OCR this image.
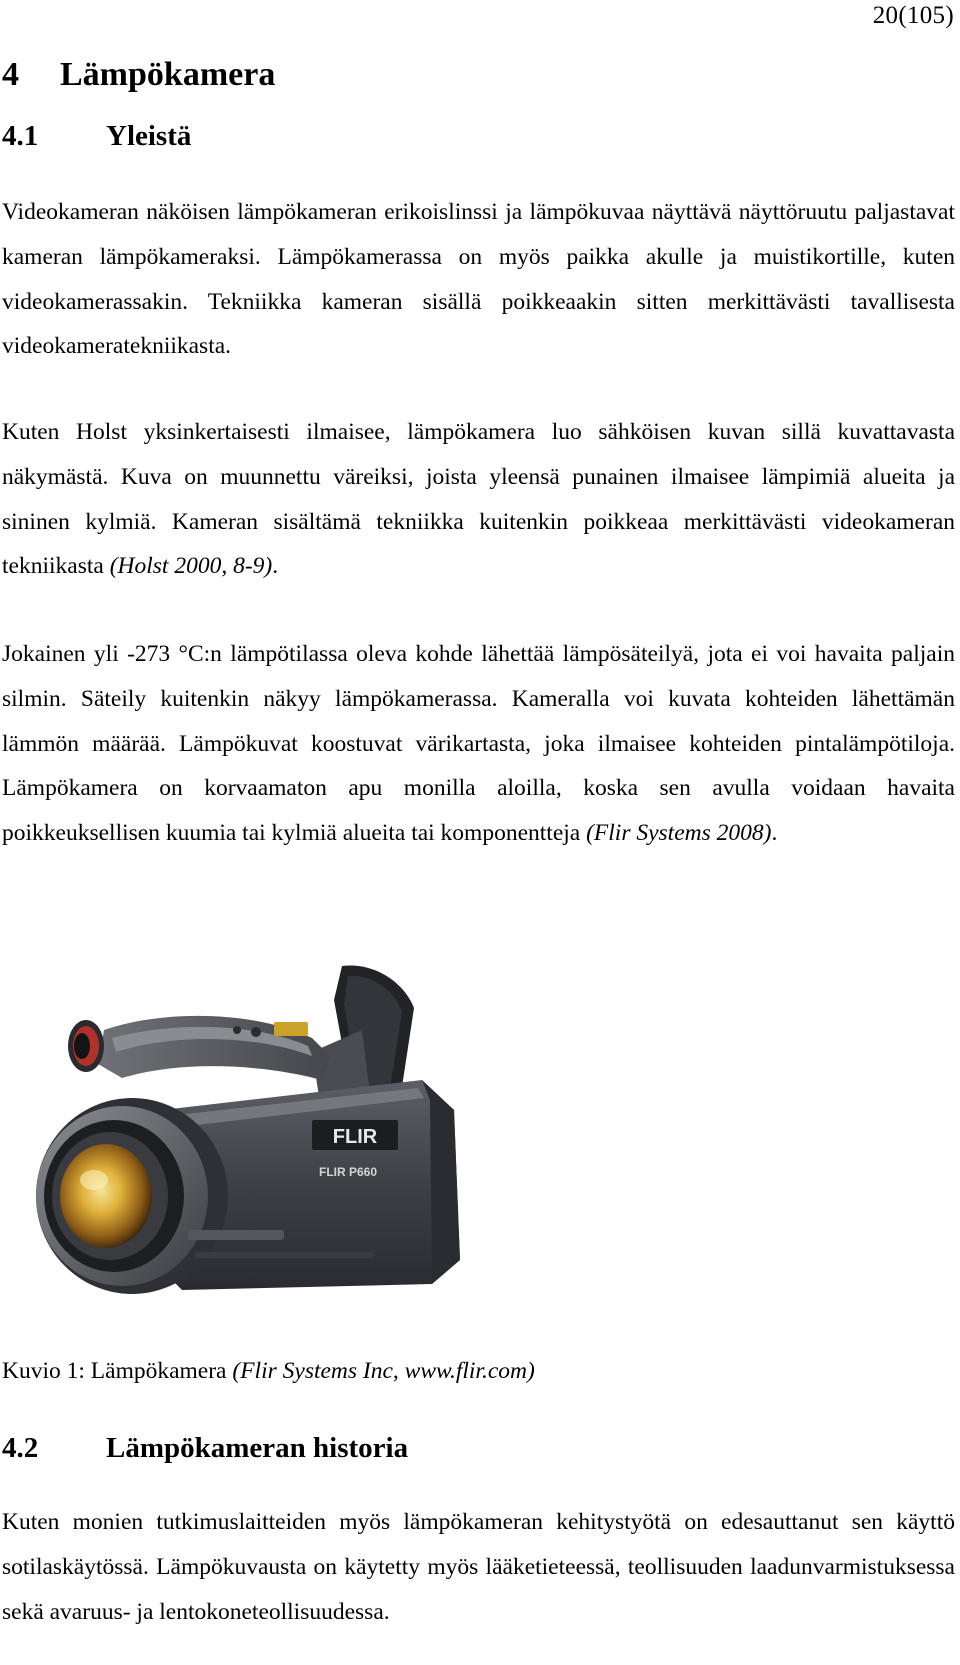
20(105)
4 Lämpökamera
4.1 Yleistä

Videokameran näköisen lämpökameran erikoislinssi ja lämpökuvaa näyttävä näyttöruutu paljastavat kameran lämpökameraksi. Lämpökamerassa on myös paikka akulle ja muistikortille, kuten videokamerassakin. Tekniikka kameran sisällä poikkeaakin sitten merkittävästi tavallisesta videokameratekniikasta.

Kuten Holst yksinkertaisesti ilmaisee, lämpökamera luo sähköisen kuvan sillä kuvattavasta näkymästä. Kuva on muunnettu väreiksi, joista yleensä punainen ilmaisee lämpimiä alueita ja sininen kylmiä. Kameran sisältämä tekniikka kuitenkin poikkeaa merkittävästi videokameran tekniikasta (Holst 2000, 8-9).

Jokainen yli -273 °C:n lämpötilassa oleva kohde lähettää lämpösäteilyä, jota ei voi havaita paljain silmin. Säteily kuitenkin näkyy lämpökamerassa. Kameralla voi kuvata kohteiden lähettämän lämmön määrää. Lämpökuvat koostuvat värikartasta, joka ilmaisee kohteiden pintalämpötiloja. Lämpökamera on korvaamaton apu monilla aloilla, koska sen avulla voidaan havaita poikkeuksellisen kuumia tai kylmiä alueita tai komponentteja (Flir Systems 2008).

FLIR
FLIR P660
Kuvio 1: Lämpökamera (Flir Systems Inc, www.flir.com)
4.2 Lämpökameran historia

Kuten monien tutkimuslaitteiden myös lämpökameran kehitystyötä on edesauttanut sen käyttö sotilaskäytössä. Lämpökuvausta on käytetty myös lääketieteessä, teollisuuden laadunvarmistuksessa sekä avaruus- ja lentokoneteollisuudessa.
